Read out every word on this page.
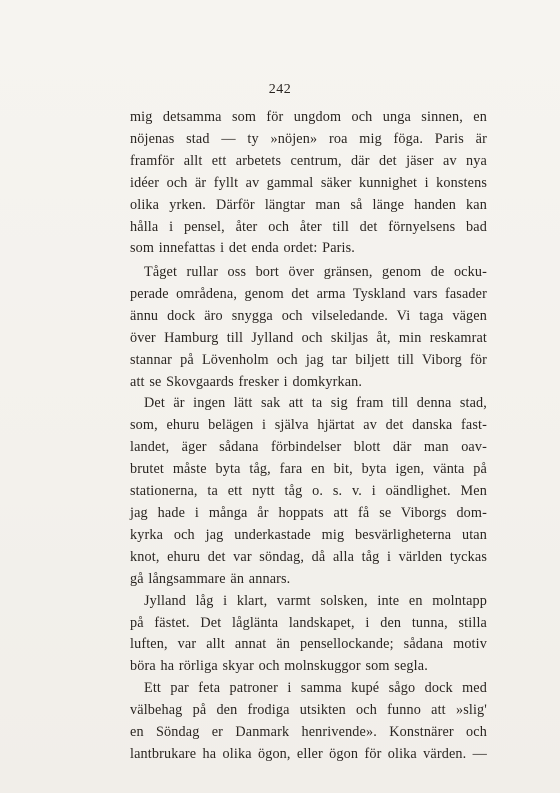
242
mig detsamma som för ungdom och unga sinnen, en
nöjenas stad — ty »nöjen» roa mig föga. Paris är
framför allt ett arbetets centrum, där det jäser av nya
idéer och är fyllt av gammal säker kunnighet i konstens
olika yrken. Därför längtar man så länge handen kan
hålla i pensel, åter och åter till det förnyelsens bad
som innefattas i det enda ordet: Paris.
Tåget rullar oss bort över gränsen, genom de ocku-
perade områdena, genom det arma Tyskland vars fasader
ännu dock äro snygga och vilseledande. Vi taga vägen
över Hamburg till Jylland och skiljas åt, min reskamrat
stannar på Lövenholm och jag tar biljett till Viborg för
att se Skovgaards fresker i domkyrkan.
Det är ingen lätt sak att ta sig fram till denna stad,
som, ehuru belägen i själva hjärtat av det danska fast-
landet, äger sådana förbindelser blott där man oav-
brutet måste byta tåg, fara en bit, byta igen, vänta på
stationerna, ta ett nytt tåg o. s. v. i oändlighet. Men
jag hade i många år hoppats att få se Viborgs dom-
kyrka och jag underkastade mig besvärligheterna utan
knot, ehuru det var söndag, då alla tåg i världen tyckas
gå långsammare än annars.
Jylland låg i klart, varmt solsken, inte en molntapp
på fästet. Det låglänta landskapet, i den tunna, stilla
luften, var allt annat än pensellockande; sådana motiv
böra ha rörliga skyar och molnskuggor som segla.
Ett par feta patroner i samma kupé sågo dock med
välbehag på den frodiga utsikten och funno att »slig'
en Söndag er Danmark henrivende». Konstnärer och
lantbrukare ha olika ögon, eller ögon för olika värden. —
